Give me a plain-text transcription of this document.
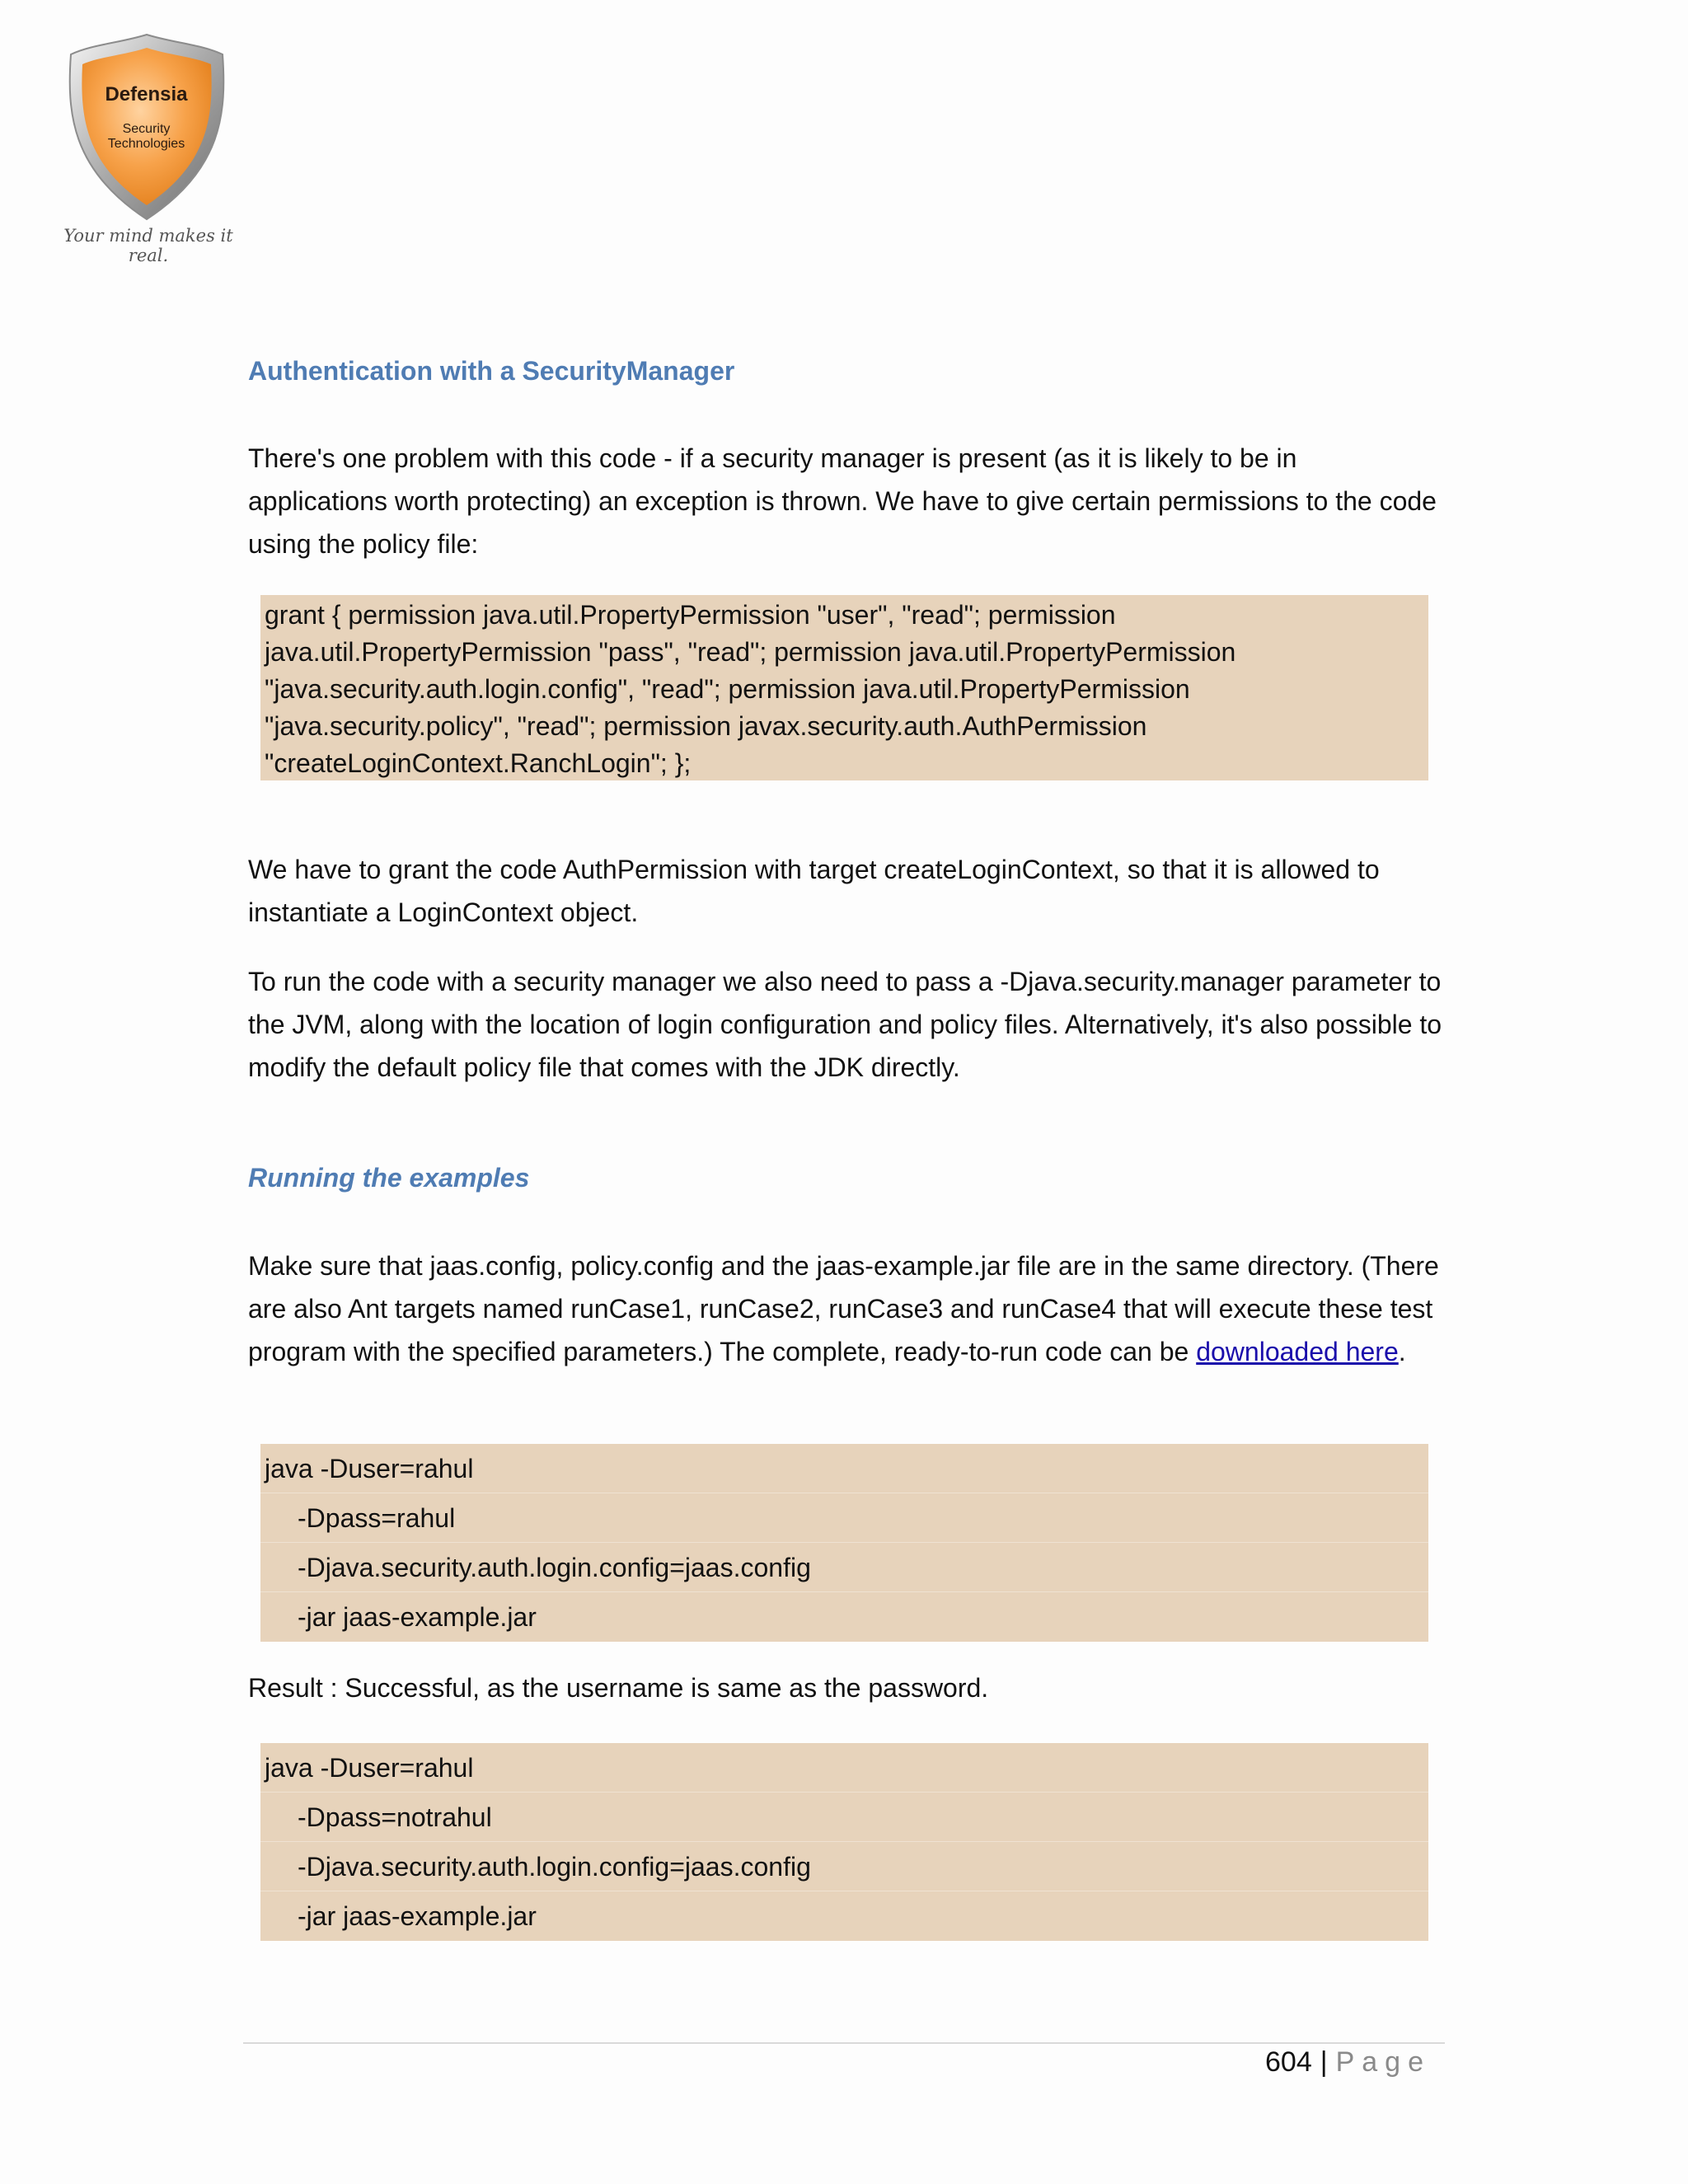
Defensia
Security
Technologies
Your mind makes it real.
Authentication with a SecurityManager

There's one problem with this code - if a security manager is present (as it is likely to be in applications worth protecting) an exception is thrown. We have to give certain permissions to the code using the policy file:

grant { permission java.util.PropertyPermission "user", "read"; permission java.util.PropertyPermission "pass", "read"; permission java.util.PropertyPermission "java.security.auth.login.config", "read"; permission java.util.PropertyPermission "java.security.policy", "read"; permission javax.security.auth.AuthPermission "createLoginContext.RanchLogin"; };

We have to grant the code AuthPermission with target createLoginContext, so that it is allowed to instantiate a LoginContext object.

To run the code with a security manager we also need to pass a -Djava.security.manager parameter to the JVM, along with the location of login configuration and policy files. Alternatively, it's also possible to modify the default policy file that comes with the JDK directly.

Running the examples

Make sure that jaas.config, policy.config and the jaas-example.jar file are in the same directory. (There are also Ant targets named runCase1, runCase2, runCase3 and runCase4 that will execute these test program with the specified parameters.) The complete, ready-to-run code can be downloaded here.

java -Duser=rahul
-Dpass=rahul
-Djava.security.auth.login.config=jaas.config
-jar jaas-example.jar

Result : Successful, as the username is same as the password.

java -Duser=rahul
-Dpass=notrahul
-Djava.security.auth.login.config=jaas.config
-jar jaas-example.jar
604 | Page
